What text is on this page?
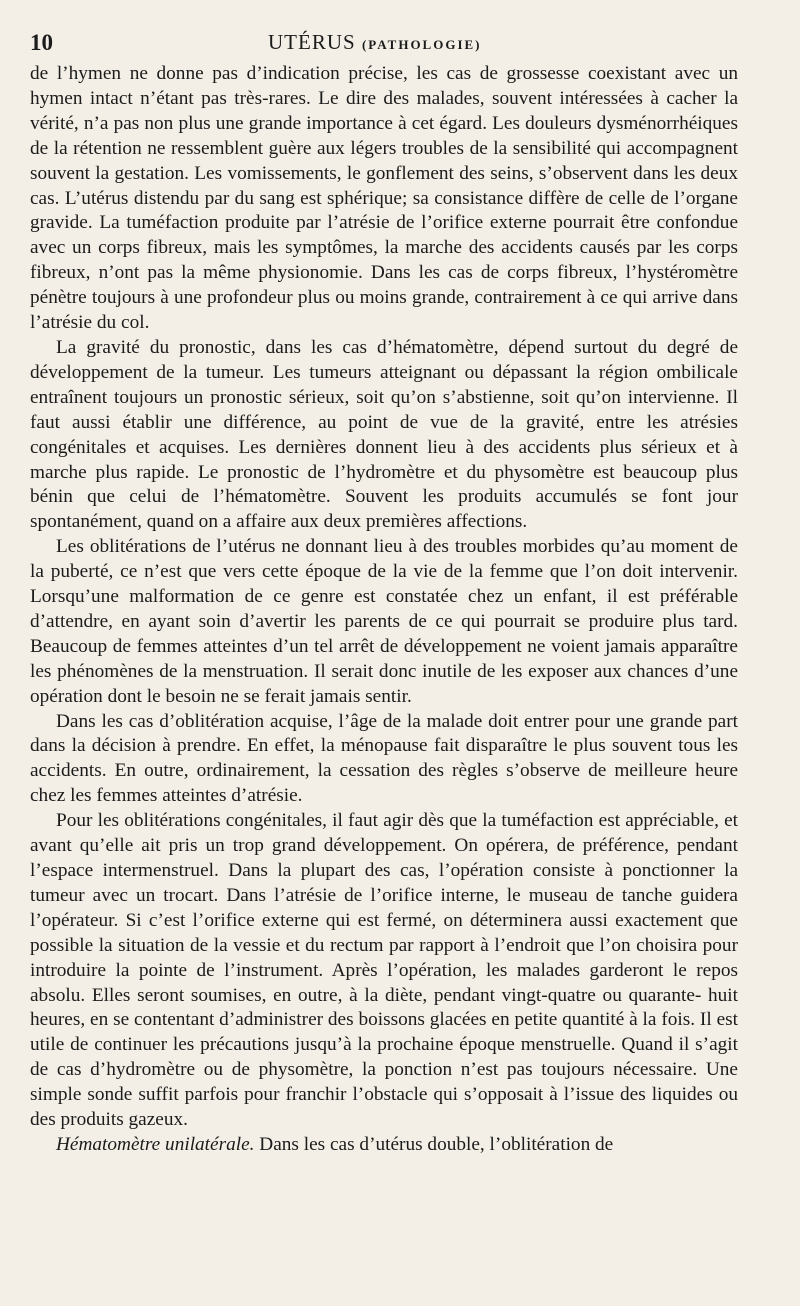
10	UTÉRUS (PATHOLOGIE)

de l’hymen ne donne pas d’indication précise, les cas de grossesse coexistant avec un hymen intact n’étant pas très-rares. Le dire des malades, souvent intéressées à cacher la vérité, n’a pas non plus une grande importance à cet égard. Les douleurs dysménorrhéiques de la rétention ne ressemblent guère aux légers troubles de la sensibilité qui accompagnent souvent la gestation. Les vomissements, le gonflement des seins, s’observent dans les deux cas. L’utérus distendu par du sang est sphérique; sa consistance diffère de celle de l’organe gravide. La tuméfaction produite par l’atrésie de l’orifice externe pourrait être confondue avec un corps fibreux, mais les symptômes, la marche des accidents causés par les corps fibreux, n’ont pas la même physionomie. Dans les cas de corps fibreux, l’hystéromètre pénètre toujours à une profondeur plus ou moins grande, contrairement à ce qui arrive dans l’atrésie du col.

La gravité du pronostic, dans les cas d’hématomètre, dépend surtout du degré de développement de la tumeur. Les tumeurs atteignant ou dépassant la région ombilicale entraînent toujours un pronostic sérieux, soit qu’on s’abstienne, soit qu’on intervienne. Il faut aussi établir une différence, au point de vue de la gravité, entre les atrésies congénitales et acquises. Les dernières donnent lieu à des accidents plus sérieux et à marche plus rapide. Le pronostic de l’hydromètre et du physomètre est beaucoup plus bénin que celui de l’hématomètre. Souvent les produits accumulés se font jour spontanément, quand on a affaire aux deux premières affections.

Les oblitérations de l’utérus ne donnant lieu à des troubles morbides qu’au moment de la puberté, ce n’est que vers cette époque de la vie de la femme que l’on doit intervenir. Lorsqu’une malformation de ce genre est constatée chez un enfant, il est préférable d’attendre, en ayant soin d’avertir les parents de ce qui pourrait se produire plus tard. Beaucoup de femmes atteintes d’un tel arrêt de développement ne voient jamais apparaître les phénomènes de la menstruation. Il serait donc inutile de les exposer aux chances d’une opération dont le besoin ne se ferait jamais sentir.

Dans les cas d’oblitération acquise, l’âge de la malade doit entrer pour une grande part dans la décision à prendre. En effet, la ménopause fait disparaître le plus souvent tous les accidents. En outre, ordinairement, la cessation des règles s’observe de meilleure heure chez les femmes atteintes d’atrésie.

Pour les oblitérations congénitales, il faut agir dès que la tuméfaction est appréciable, et avant qu’elle ait pris un trop grand développement. On opérera, de préférence, pendant l’espace intermenstruel. Dans la plupart des cas, l’opération consiste à ponctionner la tumeur avec un trocart. Dans l’atrésie de l’orifice interne, le museau de tanche guidera l’opérateur. Si c’est l’orifice externe qui est fermé, on déterminera aussi exactement que possible la situation de la vessie et du rectum par rapport à l’endroit que l’on choisira pour introduire la pointe de l’instrument. Après l’opération, les malades garderont le repos absolu. Elles seront soumises, en outre, à la diète, pendant vingt-quatre ou quarante- huit heures, en se contentant d’administrer des boissons glacées en petite quantité à la fois. Il est utile de continuer les précautions jusqu’à la prochaine époque menstruelle. Quand il s’agit de cas d’hydromètre ou de physomètre, la ponction n’est pas toujours nécessaire. Une simple sonde suffit parfois pour franchir l’obstacle qui s’opposait à l’issue des liquides ou des produits gazeux.

Hématomètre unilatérale. Dans les cas d’utérus double, l’oblitération de
